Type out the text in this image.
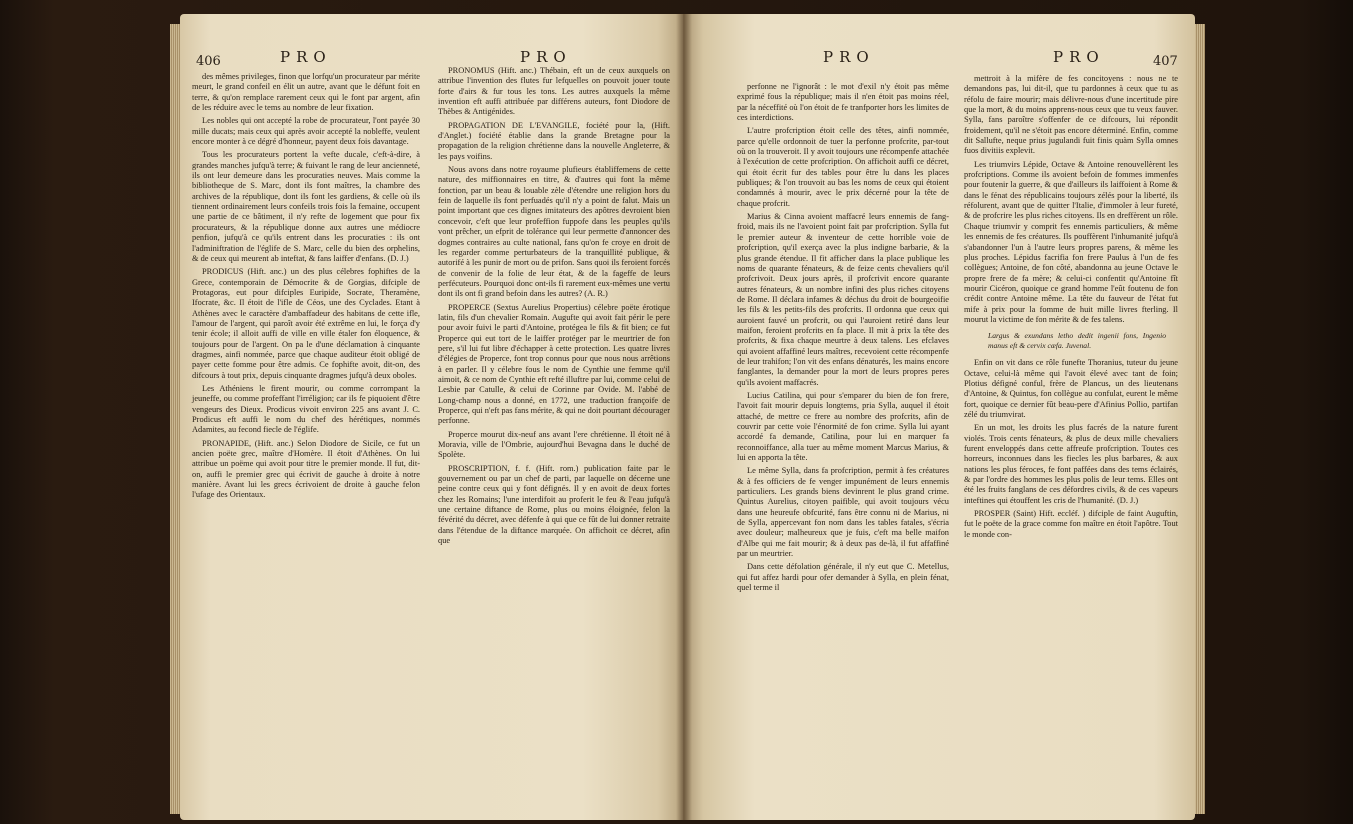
406	PRO	PRO

des mêmes privileges, finon que lorfqu'un procurateur par mérite meurt, le grand confeil en élit un autre, avant que le défunt foit en terre, & qu'on remplace rarement ceux qui le font par argent, afin de les réduire avec le tems au nombre de leur fixation.

Les nobles qui ont accepté la robe de procurateur, l'ont payée 30 mille ducats; mais ceux qui après avoir accepté la nobleffe, veulent encore monter à ce dégré d'honneur, payent deux fois davantage.

Tous les procurateurs portent la vefte ducale, c'eft-à-dire, à grandes manches jufqu'à terre; & fuivant le rang de leur ancienneté, ils ont leur demeure dans les procuraties neuves. Mais comme la bibliotheque de S. Marc, dont ils font maîtres, la chambre des archives de la république, dont ils font les gardiens, & celle où ils tiennent ordinairement leurs confeils trois fois la femaine, occupent une partie de ce bâtiment, il n'y refte de logement que pour fix procurateurs, & la république donne aux autres une médiocre penfion, jufqu'à ce qu'ils entrent dans les procuraties : ils ont l'adminiftration de l'églife de S. Marc, celle du bien des orphelins, & de ceux qui meurent ab inteftat, & fans laiffer d'enfans. (D. J.)

PRODICUS (Hift. anc.) un des plus célebres fophiftes de la Grece, contemporain de Démocrite & de Gorgias, difciple de Protagoras, eut pour difciples Euripide, Socrate, Theramène, Ifocrate, &c. Il étoit de l'ifle de Céos, une des Cyclades. Etant à Athènes avec le caractère d'ambaffadeur des habitans de cette ifle, l'amour de l'argent, qui paroît avoir été extrême en lui, le força d'y tenir école; il alloit auffi de ville en ville étaler fon éloquence, & toujours pour de l'argent. On pa le d'une déclamation à cinquante dragmes, ainfi nommée, parce que chaque auditeur étoit obligé de payer cette fomme pour être admis. Ce fophifte avoit, dit-on, des difcours à tout prix, depuis cinquante dragmes jufqu'à deux oboles.

Les Athéniens le firent mourir, ou comme corrompant la jeuneffe, ou comme profeffant l'irréligion; car ils fe piquoient d'être vengeurs des Dieux. Prodicus vivoit environ 225 ans avant J. C. Prodicus eft auffi le nom du chef des hérétiques, nommés Adamites, au fecond fiecle de l'églife.

PRONAPIDE, (Hift. anc.) Selon Diodore de Sicile, ce fut un ancien poëte grec, maître d'Homère. Il étoit d'Athènes. On lui attribue un poëme qui avoit pour titre le premier monde. Il fut, dit-on, auffi le premier grec qui écrivit de gauche à droite à notre manière. Avant lui les grecs écrivoient de droite à gauche felon l'ufage des Orientaux.

PRONOMUS (Hift. anc.) Thébain, eft un de ceux auxquels on attribue l'invention des flutes fur lefquelles on pouvoit jouer toute forte d'airs & fur tous les tons. Les autres auxquels la même invention eft auffi attribuée par différens auteurs, font Diodore de Thèbes & Antigénides.

PROPAGATION DE L'EVANGILE, fociété pour la, (Hift. d'Anglet.) fociété établie dans la grande Bretagne pour la propagation de la religion chrétienne dans la nouvelle Angleterre, & les pays voifins.

Nous avons dans notre royaume plufieurs établiffemens de cette nature, des miffionnaires en titre, & d'autres qui font la même fonction, par un beau & louable zèle d'étendre une religion hors du fein de laquelle ils font perfuadés qu'il n'y a point de falut. Mais un point important que ces dignes imitateurs des apôtres devroient bien concevoir, c'eft que leur profeffion fuppofe dans les peuples qu'ils vont prêcher, un efprit de tolérance qui leur permette d'annoncer des dogmes contraires au culte national, fans qu'on fe croye en droit de les regarder comme perturbateurs de la tranquillité publique, & autorifé à les punir de mort ou de prifon. Sans quoi ils feroient forcés de convenir de la folie de leur état, & de la fageffe de leurs perfécuteurs. Pourquoi donc ont-ils fi rarement eux-mêmes une vertu dont ils ont fi grand befoin dans les autres? (A. R.)

PROPERCE (Sextus Aurelius Propertius) célebre poëte érotique latin, fils d'un chevalier Romain. Augufte qui avoit fait périr le pere pour avoir fuivi le parti d'Antoine, protégea le fils & fit bien; ce fut Properce qui eut tort de le laiffer protéger par le meurtrier de fon pere, s'il lui fut libre d'échapper à cette protection. Les quatre livres d'élégies de Properce, font trop connus pour que nous nous arrêtions à en parler. Il y célebre fous le nom de Cynthie une femme qu'il aimoit, & ce nom de Cynthie eft refté illuftre par lui, comme celui de Lesbie par Catulle, & celui de Corinne par Ovide. M. l'abbé de Long-champ nous a donné, en 1772, une traduction françoife de Properce, qui n'eft pas fans mérite, & qui ne doit pourtant décourager perfonne.

Properce mourut dix-neuf ans avant l'ere chrétienne. Il étoit né à Moravia, ville de l'Ombrie, aujourd'hui Bevagna dans le duché de Spolète.

PROSCRIPTION, f. f. (Hift. rom.) publication faite par le gouvernement ou par un chef de parti, par laquelle on décerne une peine contre ceux qui y font défignés. Il y en avoit de deux fortes chez les Romains; l'une interdifoit au proferit le feu & l'eau jufqu'à une certaine diftance de Rome, plus ou moins éloignée, felon la févérité du décret, avec défenfe à qui que ce fût de lui donner retraite dans l'étendue de la diftance marquée. On affichoit ce décret, afin que

PRO	PRO	407

perfonne ne l'ignorât : le mot d'exil n'y étoit pas même exprimé fous la république; mais il n'en étoit pas moins réel, par la néceffité où l'on étoit de fe tranfporter hors les limites de ces interdictions.

L'autre profcription étoit celle des têtes, ainfi nommée, parce qu'elle ordonnoit de tuer la perfonne profcrite, par-tout où on la trouveroit. Il y avoit toujours une récompenfe attachée à l'exécution de cette profcription. On affichoit auffi ce décret, qui étoit écrit fur des tables pour être lu dans les places publiques; & l'on trouvoit au bas les noms de ceux qui étoient condamnés à mourir, avec le prix décerné pour la tête de chaque profcrit.

Marius & Cinna avoient maffacré leurs ennemis de fang-froid, mais ils ne l'avoient point fait par profcription. Sylla fut le premier auteur & inventeur de cette horrible voie de profcription, qu'il exerça avec la plus indigne barbarie, & la plus grande étendue. Il fit afficher dans la place publique les noms de quarante fénateurs, & de feize cents chevaliers qu'il profcrivoit. Deux jours après, il profcrivit encore quarante autres fénateurs, & un nombre infini des plus riches citoyens de Rome. Il déclara infames & déchus du droit de bourgeoifie les fils & les petits-fils des profcrits. Il ordonna que ceux qui auroient fauvé un profcrit, ou qui l'auroient retiré dans leur maifon, feroient profcrits en fa place. Il mit à prix la tête des profcrits, & fixa chaque meurtre à deux talens. Les efclaves qui avoient affaffiné leurs maîtres, recevoient cette récompenfe de leur trahifon; l'on vit des enfans dénaturés, les mains encore fanglantes, la demander pour la mort de leurs propres peres qu'ils avoient maffacrés.

Lucius Catilina, qui pour s'emparer du bien de fon frere, l'avoit fait mourir depuis longtems, pria Sylla, auquel il étoit attaché, de mettre ce frere au nombre des profcrits, afin de couvrir par cette voie l'énormité de fon crime. Sylla lui ayant accordé fa demande, Catilina, pour lui en marquer fa reconnoiffance, alla tuer au même moment Marcus Marius, & lui en apporta la tête.

Le même Sylla, dans fa profcription, permit à fes créatures & à fes officiers de fe venger impunément de leurs ennemis particuliers. Les grands biens devinrent le plus grand crime. Quintus Aurelius, citoyen paifible, qui avoit toujours vécu dans une heureufe obfcurité, fans être connu ni de Marius, ni de Sylla, appercevant fon nom dans les tables fatales, s'écria avec douleur; malheureux que je fuis, c'eft ma belle maifon d'Albe qui me fait mourir; & à deux pas de-là, il fut affaffiné par un meurtrier.

Dans cette défolation générale, il n'y eut que C. Metellus, qui fut affez hardi pour ofer demander à Sylla, en plein fénat, quel terme il

mettroit à la mifère de fes concitoyens : nous ne te demandons pas, lui dit-il, que tu pardonnes à ceux que tu as réfolu de faire mourir; mais délivre-nous d'une incertitude pire que la mort, & du moins apprens-nous ceux que tu veux fauver. Sylla, fans paroître s'offenfer de ce difcours, lui répondit froidement, qu'il ne s'étoit pas encore déterminé. Enfin, comme dit Sallufte, neque prius jugulandi fuit finis quàm Sylla omnes fuos divitiis explevit.

Les triumvirs Lépide, Octave & Antoine renouvellèrent les profcriptions. Comme ils avoient befoin de fommes immenfes pour foutenir la guerre, & que d'ailleurs ils laiffoient à Rome & dans le fénat des républicains toujours zélés pour la liberté, ils réfolurent, avant que de quitter l'Italie, d'immoler à leur fureté, & de profcrire les plus riches citoyens. Ils en dreffèrent un rôle. Chaque triumvir y comprit fes ennemis particuliers, & même les ennemis de fes créatures. Ils pouffèrent l'inhumanité jufqu'à s'abandonner l'un à l'autre leurs propres parens, & même les plus proches. Lépidus facrifia fon frere Paulus à l'un de fes collègues; Antoine, de fon côté, abandonna au jeune Octave le propre frere de fa mère; & celui-ci confentit qu'Antoine fît mourir Cicéron, quoique ce grand homme l'eût foutenu de fon crédit contre Antoine même. La tête du fauveur de l'état fut mife à prix pour la fomme de huit mille livres fterling. Il mourut la victime de fon mérite & de fes talens.

Largus & exundans letho dedit ingenii fons, Ingenio manus eft & cervix cæfa. Juvenal.

Enfin on vit dans ce rôle funefte Thoranius, tuteur du jeune Octave, celui-là même qui l'avoit élevé avec tant de foin; Plotius défigné conful, frère de Plancus, un des lieutenans d'Antoine, & Quintus, fon collègue au confulat, eurent le même fort, quoique ce dernier fût beau-pere d'Afinius Pollio, partifan zélé du triumvirat.

En un mot, les droits les plus facrés de la nature furent violés. Trois cents fénateurs, & plus de deux mille chevaliers furent enveloppés dans cette affreufe profcription. Toutes ces horreurs, inconnues dans les fiecles les plus barbares, & aux nations les plus féroces, fe font paffées dans des tems éclairés, & par l'ordre des hommes les plus polis de leur tems. Elles ont été les fruits fanglans de ces défordres civils, & de ces vapeurs inteftines qui étouffent les cris de l'humanité. (D. J.)

PROSPER (Saint) Hift. eccléf. ) difciple de faint Auguftin, fut le poëte de la grace comme fon maître en étoit l'apôtre. Tout le monde con-
